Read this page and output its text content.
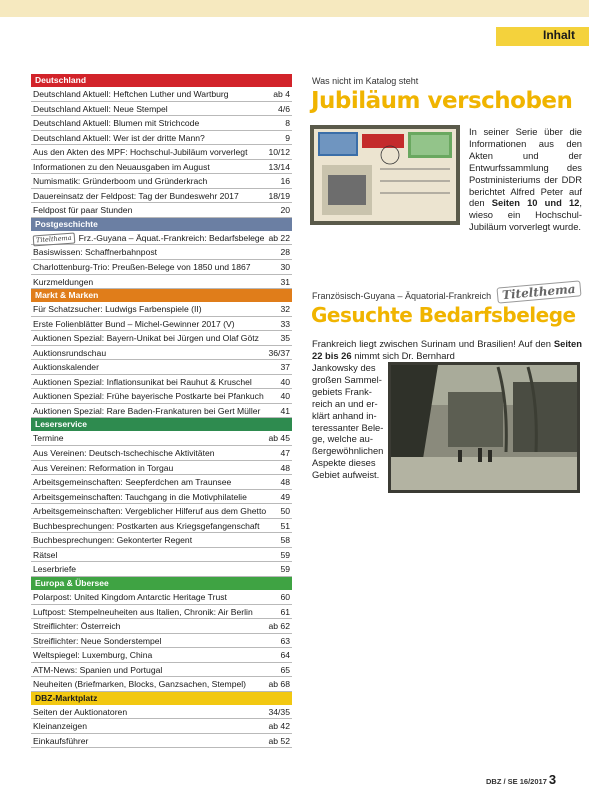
Inhalt
Deutschland
Deutschland Aktuell: Heftchen Luther und Wartburg	ab 4
Deutschland Aktuell: Neue Stempel	4/6
Deutschland Aktuell: Blumen mit Strichcode	8
Deutschland Aktuell: Wer ist der dritte Mann?	9
Aus den Akten des MPF: Hochschul-Jubiläum vorverlegt 10/12
Informationen zu den Neuausgaben im August	13/14
Numismatik: Gründerboom und Gründerkrach	16
Dauereinsatz der Feldpost: Tag der Bundeswehr 2017	18/19
Feldpost für paar Stunden	20
Postgeschichte
Titelthema Frz.-Guyana – Äquat.-Frankreich: Bedarfsbelege ab 22
Basiswissen: Schaffnerbahnpost	28
Charlottenburg-Trio: Preußen-Belege von 1850 und 1867	30
Kurzmeldungen	31
Markt & Marken
Für Schatzsucher: Ludwigs Farbenspiele (II)	32
Erste Folienblätter Bund – Michel-Gewinner 2017 (V)	33
Auktionen Spezial: Bayern-Unikat bei Jürgen und Olaf Götz 35
Auktionsrundschau	36/37
Auktionskalender	37
Auktionen Spezial: Inflationsunikat bei Rauhut & Kruschel	40
Auktionen Spezial: Frühe bayerische Postkarte bei Pfankuch 40
Auktionen Spezial: Rare Baden-Frankaturen bei Gert Müller 41
Leserservice
Termine	ab 45
Aus Vereinen: Deutsch-tschechische Aktivitäten	47
Aus Vereinen: Reformation in Torgau	48
Arbeitsgemeinschaften: Seepferdchen am Traunsee	48
Arbeitsgemeinschaften: Tauchgang in die Motivphilatelie	49
Arbeitsgemeinschaften: Vergeblicher Hilferuf aus dem Ghetto 50
Buchbesprechungen: Postkarten aus Kriegsgefangenschaft 51
Buchbesprechungen: Gekonterter Regent	58
Rätsel	59
Leserbriefe	59
Europa & Übersee
Polarpost: United Kingdom Antarctic Heritage Trust	60
Luftpost: Stempelneuheiten aus Italien, Chronik: Air Berlin	61
Streiflichter: Österreich	ab 62
Streiflichter: Neue Sonderstempel	63
Weltspiegel: Luxemburg, China	64
ATM-News: Spanien und Portugal	65
Neuheiten (Briefmarken, Blocks, Ganzsachen, Stempel)	ab 68
DBZ-Marktplatz
Seiten der Auktionatoren	34/35
Kleinanzeigen	ab 42
Einkaufsführer	ab 52
Was nicht im Katalog steht
Jubiläum verschoben
In seiner Serie über die Informationen aus den Akten und der Entwurfssammlung des Postministeriums der DDR berichtet Alfred Peter auf den Seiten 10 und 12, wieso ein Hochschul-Jubiläum vorverlegt wurde.
Französisch-Guyana – Äquatorial-Frankreich Titelthema
Gesuchte Bedarfsbelege
Frankreich liegt zwischen Surinam und Brasilien! Auf den Seiten 22 bis 26 nimmt sich Dr. Bernhard
Jankowsky des
großen Sammel-
gebiets Frank-
reich an und er-
klärt anhand in-
teressanter Bele-
ge, welche au-
ßergewöhnlichen
Aspekte dieses
Gebiet aufweist.
DBZ / SE 16/2017 3
